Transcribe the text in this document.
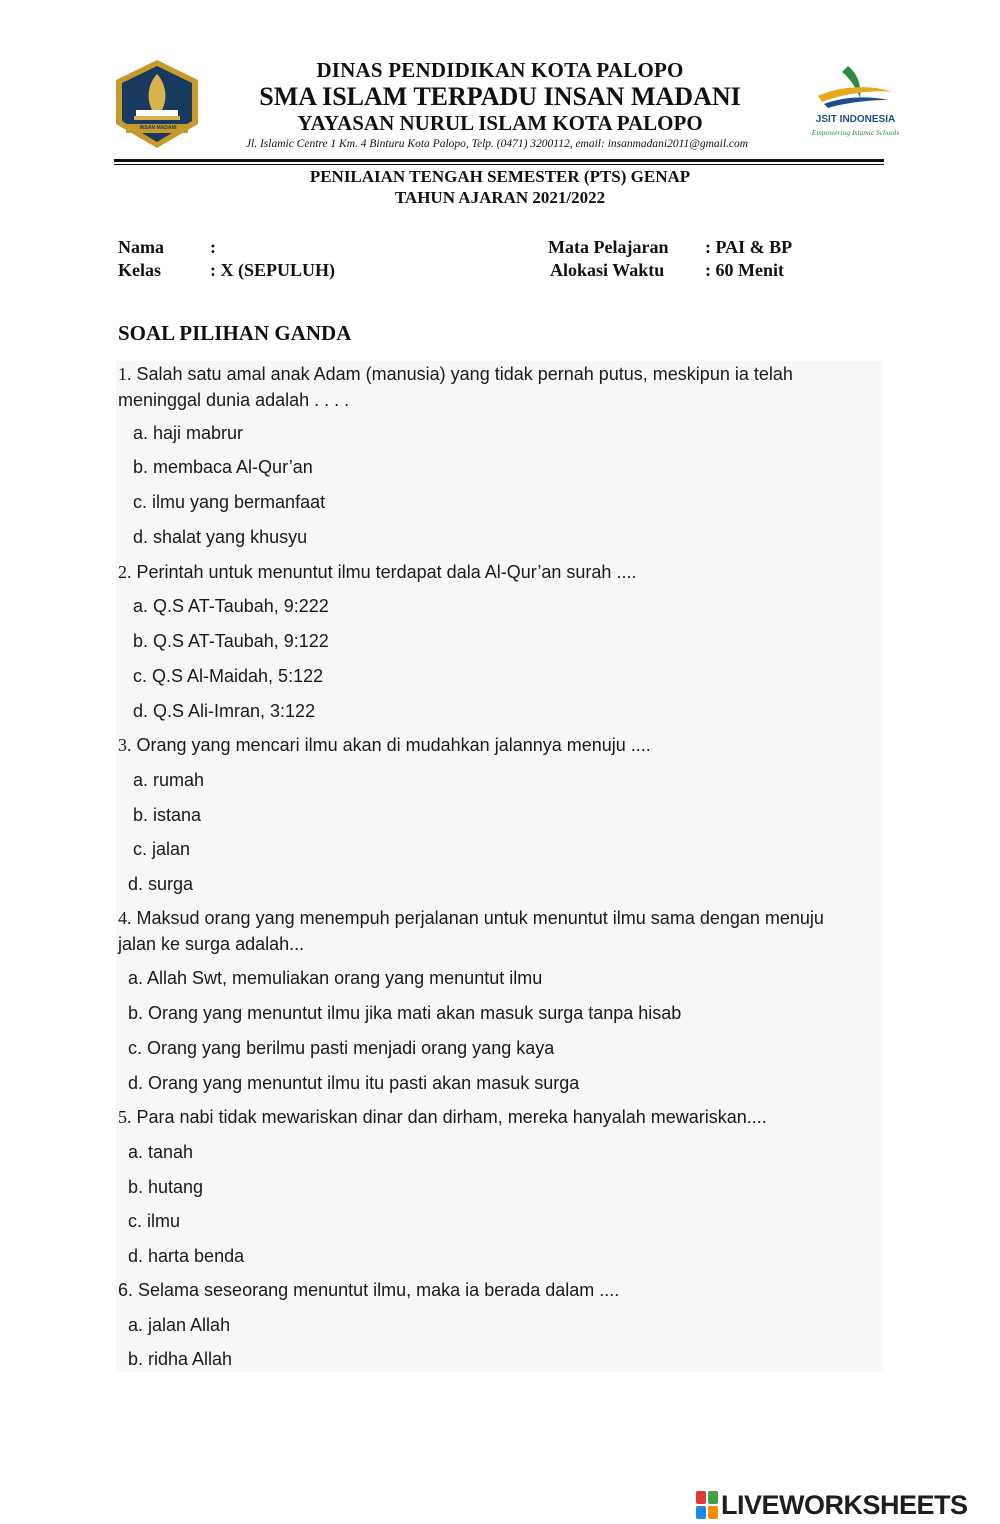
INSAN MADANI
DINAS PENDIDIKAN KOTA PALOPO
SMA ISLAM TERPADU INSAN MADANI
YAYASAN NURUL ISLAM KOTA PALOPO
Jl. Islamic Centre 1 Km. 4 Binturu Kota Palopo, Telp. (0471) 3200112, email: insanmadani2011@gmail.com
JSIT INDONESIA
Empowering Islamic Schools
PENILAIAN TENGAH SEMESTER (PTS) GENAP
TAHUN AJARAN 2021/2022
Nama	:
Kelas	: X (SEPULUH)
Mata Pelajaran : PAI & BP
Alokasi Waktu : 60 Menit
SOAL PILIHAN GANDA
1. Salah satu amal anak Adam (manusia) yang tidak pernah putus, meskipun ia telah
meninggal dunia adalah . . . .
a. haji mabrur
b. membaca Al-Qur’an
c. ilmu yang bermanfaat
d. shalat yang khusyu
2. Perintah untuk menuntut ilmu terdapat dala Al-Qur’an surah ....
a. Q.S AT-Taubah, 9:222
b. Q.S AT-Taubah, 9:122
c. Q.S Al-Maidah, 5:122
d. Q.S Ali-Imran, 3:122
3. Orang yang mencari ilmu akan di mudahkan jalannya menuju ....
a. rumah
b. istana
c. jalan
d. surga
4. Maksud orang yang menempuh perjalanan untuk menuntut ilmu sama dengan menuju
jalan ke surga adalah...
a. Allah Swt, memuliakan orang yang menuntut ilmu
b. Orang yang menuntut ilmu jika mati akan masuk surga tanpa hisab
c. Orang yang berilmu pasti menjadi orang yang kaya
d. Orang yang menuntut ilmu itu pasti akan masuk surga
5. Para nabi tidak mewariskan dinar dan dirham, mereka hanyalah mewariskan....
a. tanah
b. hutang
c. ilmu
d. harta benda
6. Selama seseorang menuntut ilmu, maka ia berada dalam ....
a. jalan Allah
b. ridha Allah
LIVEWORKSHEETS
